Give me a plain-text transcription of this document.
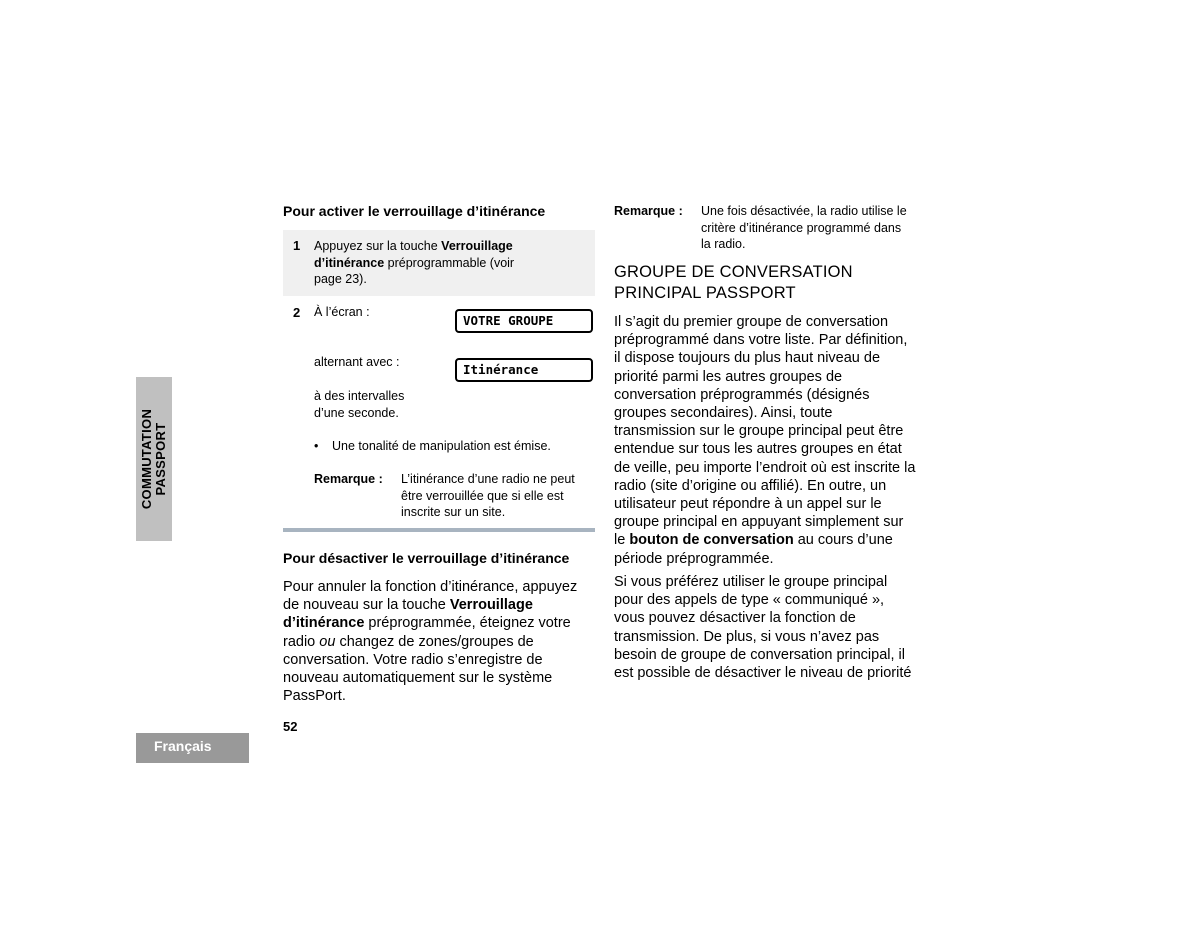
COMMUTATION PASSPORT
Français
52
Pour activer le verrouillage d’itinérance
1 Appuyez sur la touche Verrouillage
d’itinérance préprogrammable (voir
page 23).
2 À l’écran :
VOTRE GROUPE
alternant avec :	Itinérance
à des intervalles
d’une seconde.
• Une tonalité de manipulation est émise.
Remarque : L’itinérance d’une radio ne peut
être verrouillée que si elle est
inscrite sur un site.
Pour désactiver le verrouillage d’itinérance
Pour annuler la fonction d’itinérance, appuyez
de nouveau sur la touche Verrouillage
d’itinérance préprogrammée, éteignez votre
radio ou changez de zones/groupes de
conversation. Votre radio s’enregistre de
nouveau automatiquement sur le système
PassPort.
Remarque : Une fois désactivée, la radio utilise le
critère d’itinérance programmé dans
la radio.
GROUPE DE CONVERSATION
PRINCIPAL PASSPORT
Il s’agit du premier groupe de conversation
préprogrammé dans votre liste. Par définition,
il dispose toujours du plus haut niveau de
priorité parmi les autres groupes de
conversation préprogrammés (désignés
groupes secondaires). Ainsi, toute
transmission sur le groupe principal peut être
entendue sur tous les autres groupes en état
de veille, peu importe l’endroit où est inscrite la
radio (site d’origine ou affilié). En outre, un
utilisateur peut répondre à un appel sur le
groupe principal en appuyant simplement sur
le bouton de conversation au cours d’une
période préprogrammée.
Si vous préférez utiliser le groupe principal
pour des appels de type « communiqué »,
vous pouvez désactiver la fonction de
transmission. De plus, si vous n’avez pas
besoin de groupe de conversation principal, il
est possible de désactiver le niveau de priorité
